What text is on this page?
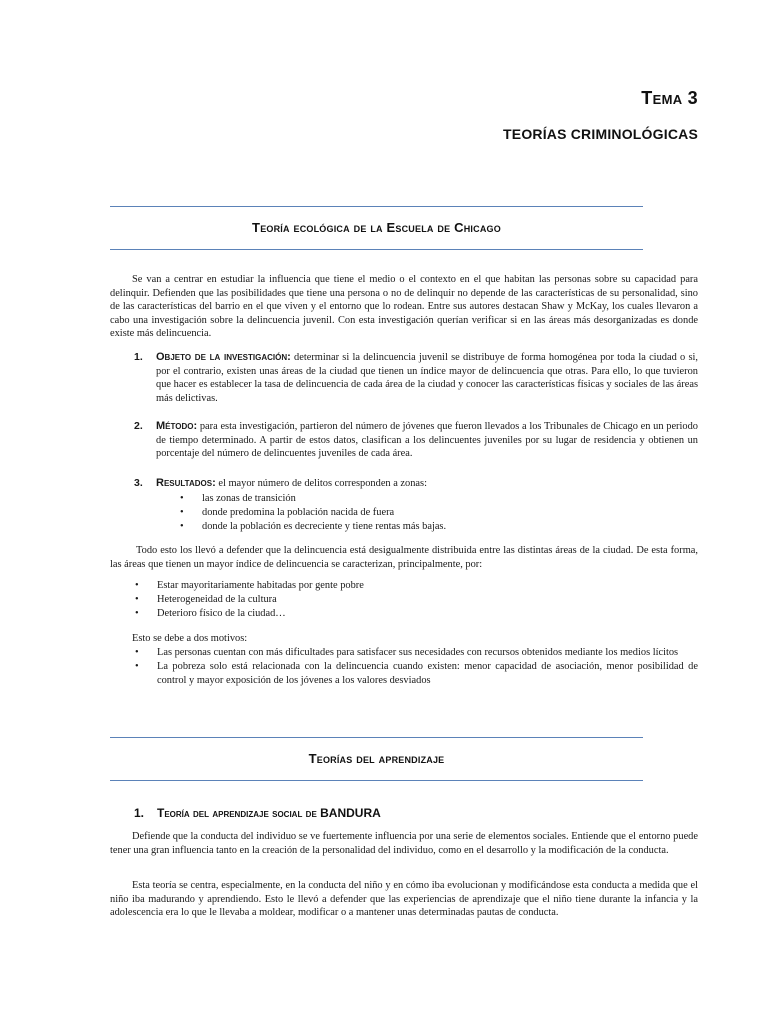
Tema 3
TEORÍAS CRIMINOLÓGICAS
Teoría ecológica de la Escuela de Chicago

Se van a centrar en estudiar la influencia que tiene el medio o el contexto en el que habitan las personas sobre su capacidad para delinquir. Defienden que las posibilidades que tiene una persona o no de delinquir no depende de las características de su personalidad, sino de las características del barrio en el que viven y el entorno que lo rodean. Entre sus autores destacan Shaw y McKay, los cuales llevaron a cabo una investigación sobre la delincuencia juvenil. Con esta investigación querían verificar si en las áreas más desorganizadas es donde existe más delincuencia.

1. Objeto de la investigación: determinar si la delincuencia juvenil se distribuye de forma homogénea por toda la ciudad o si, por el contrario, existen unas áreas de la ciudad que tienen un índice mayor de delincuencia que otras. Para ello, lo que tuvieron que hacer es establecer la tasa de delincuencia de cada área de la ciudad y conocer las características físicas y sociales de las áreas más delictivas.
2. Método: para esta investigación, partieron del número de jóvenes que fueron llevados a los Tribunales de Chicago en un periodo de tiempo determinado. A partir de estos datos, clasifican a los delincuentes juveniles por su lugar de residencia y obtienen un porcentaje del número de delincuentes juveniles de cada área.
3. Resultados: el mayor número de delitos corresponden a zonas:
• las zonas de transición
• donde predomina la población nacida de fuera
• donde la población es decreciente y tiene rentas más bajas.

Todo esto los llevó a defender que la delincuencia está desigualmente distribuida entre las distintas áreas de la ciudad. De esta forma, las áreas que tienen un mayor índice de delincuencia se caracterizan, principalmente, por:

• Estar mayoritariamente habitadas por gente pobre
• Heterogeneidad de la cultura
• Deterioro físico de la ciudad…

Esto se debe a dos motivos:

• Las personas cuentan con más dificultades para satisfacer sus necesidades con recursos obtenidos mediante los medios lícitos
• La pobreza solo está relacionada con la delincuencia cuando existen: menor capacidad de asociación, menor posibilidad de control y mayor exposición de los jóvenes a los valores desviados
Teorías del aprendizaje
1. Teoría del aprendizaje social de BANDURA

Defiende que la conducta del individuo se ve fuertemente influencia por una serie de elementos sociales. Entiende que el entorno puede tener una gran influencia tanto en la creación de la personalidad del individuo, como en el desarrollo y la modificación de la conducta.

Esta teoría se centra, especialmente, en la conducta del niño y en cómo iba evolucionan y modificándose esta conducta a medida que el niño iba madurando y aprendiendo. Esto le llevó a defender que las experiencias de aprendizaje que el niño tiene durante la infancia y la adolescencia era lo que le llevaba a moldear, modificar o a mantener unas determinadas pautas de conducta.
